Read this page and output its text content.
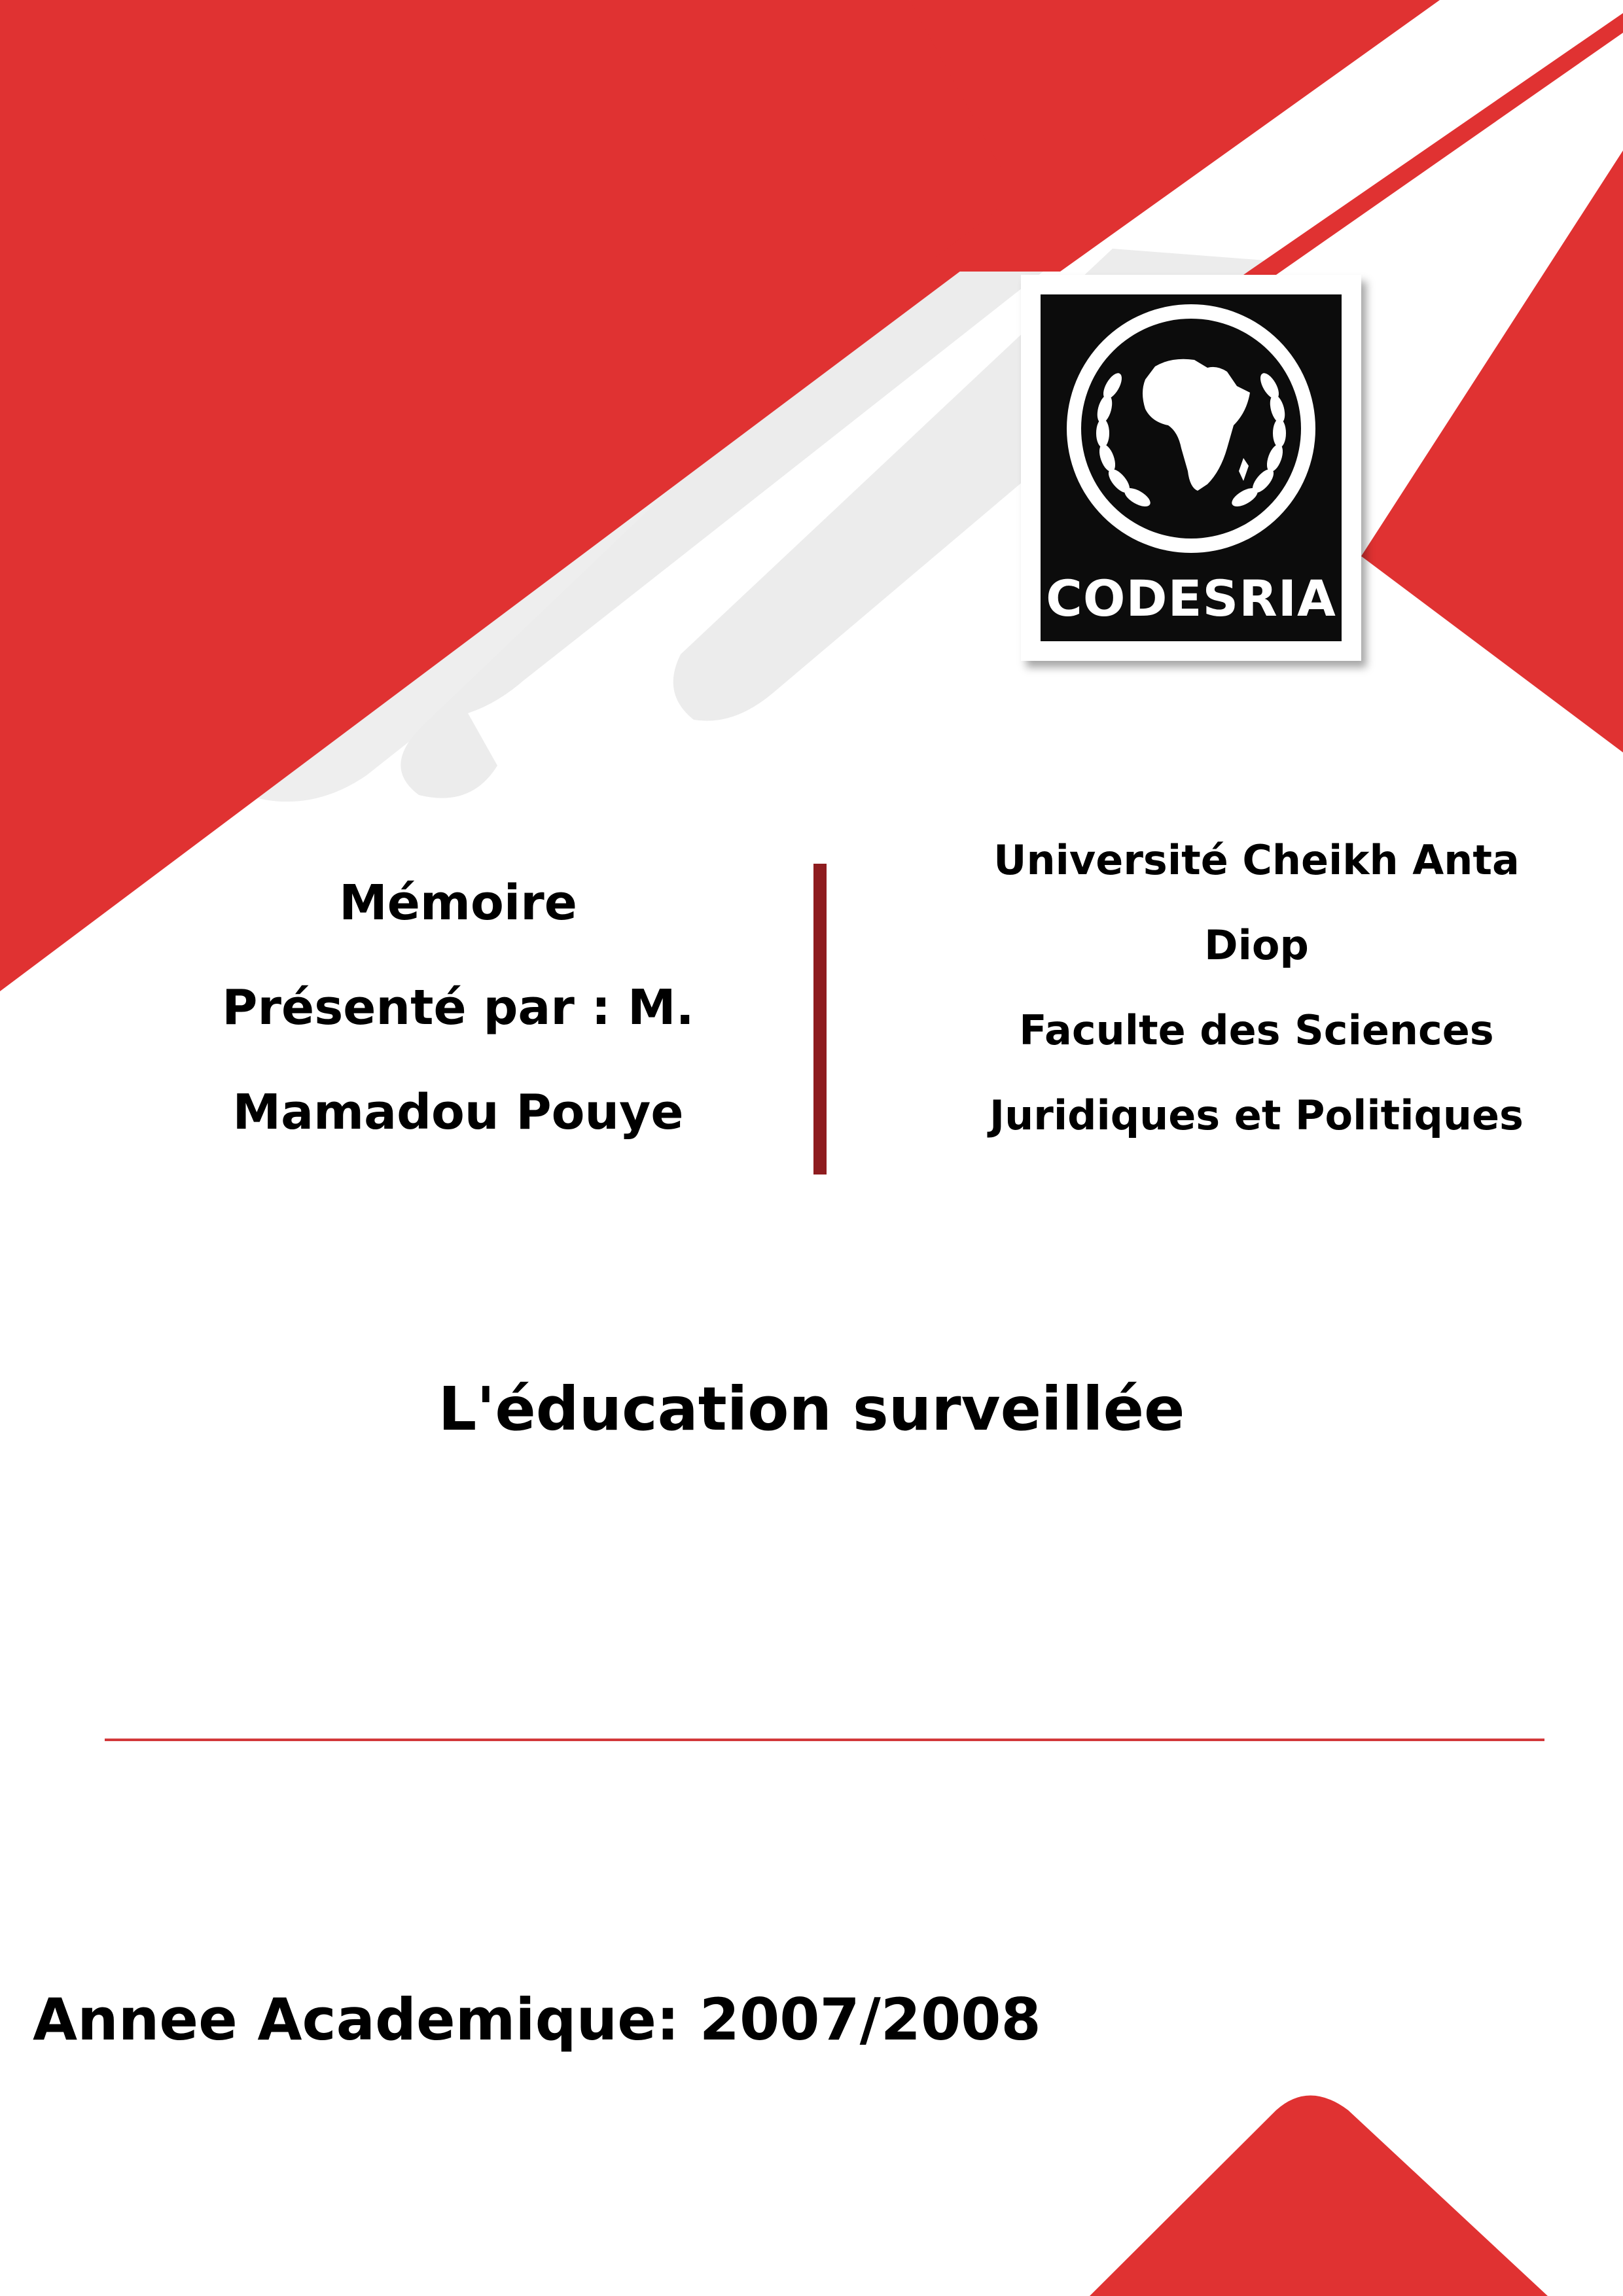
CODESRIA
Mémoire
Présenté par : M.
Mamadou Pouye
Université Cheikh Anta
Diop
Faculte des Sciences
Juridiques et Politiques
L'éducation surveillée
Annee Academique: 2007/2008
